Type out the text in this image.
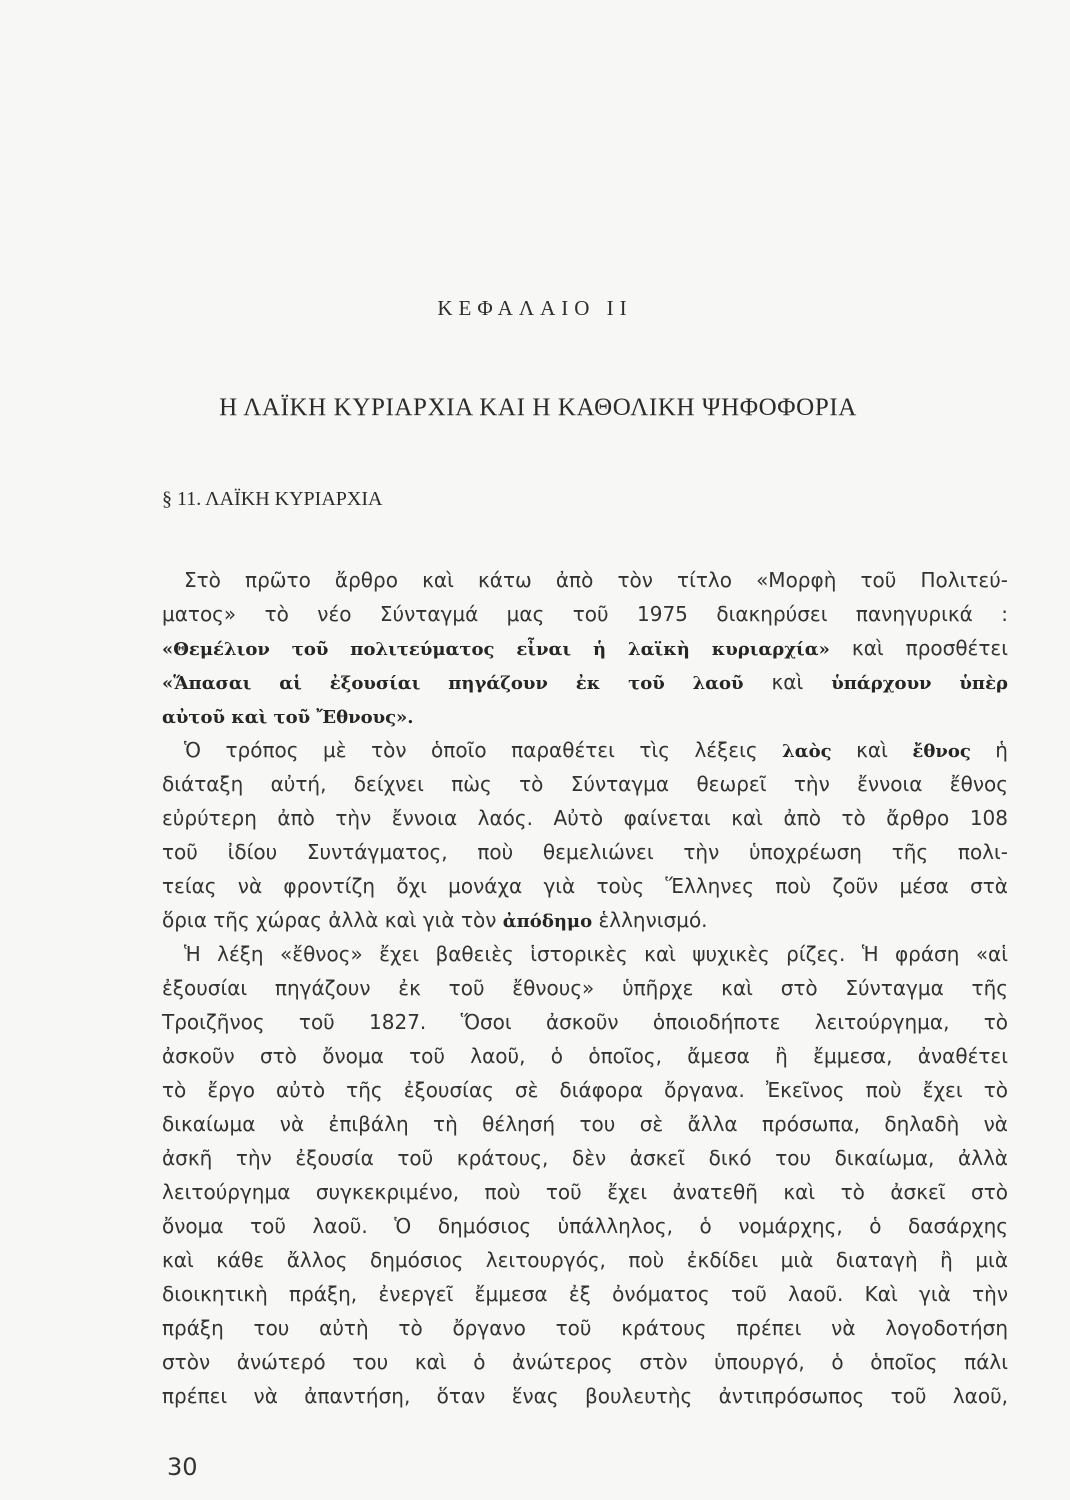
ΚΕΦΑΛΑΙΟ II
Η ΛΑΪΚΗ ΚΥΡΙΑΡΧΙΑ ΚΑΙ Η ΚΑΘΟΛΙΚΗ ΨΗΦΟΦΟΡΙΑ
§ 11. ΛΑΪΚΗ ΚΥΡΙΑΡΧΙΑ
Στὸ πρῶτο ἄρθρο καὶ κάτω ἀπὸ τὸν τίτλο «Μορφὴ τοῦ Πολιτεύ-
ματος» τὸ νέο Σύνταγμά μας τοῦ 1975 διακηρύσει πανηγυρικά :
«Θεμέλιον τοῦ πολιτεύματος εἶναι ἡ λαϊκὴ κυριαρχία» καὶ προσθέτει
«Ἅπασαι αἱ ἐξουσίαι πηγάζουν ἐκ τοῦ λαοῦ καὶ ὑπάρχουν ὑπὲρ
αὐτοῦ καὶ τοῦ Ἔθνους».
Ὁ τρόπος μὲ τὸν ὁποῖο παραθέτει τὶς λέξεις λαὸς καὶ ἔθνος ἡ
διάταξη αὐτή, δείχνει πὼς τὸ Σύνταγμα θεωρεῖ τὴν ἔννοια ἔθνος
εὐρύτερη ἀπὸ τὴν ἔννοια λαός. Αὐτὸ φαίνεται καὶ ἀπὸ τὸ ἄρθρο 108
τοῦ ἰδίου Συντάγματος, ποὺ θεμελιώνει τὴν ὑποχρέωση τῆς πολι-
τείας νὰ φροντίζη ὄχι μονάχα γιὰ τοὺς Ἕλληνες ποὺ ζοῦν μέσα στὰ
ὅρια τῆς χώρας ἀλλὰ καὶ γιὰ τὸν ἀπόδημο ἑλληνισμό.
Ἡ λέξη «ἔθνος» ἔχει βαθειὲς ἱστορικὲς καὶ ψυχικὲς ρίζες. Ἡ φράση «αἱ
ἐξουσίαι πηγάζουν ἐκ τοῦ ἔθνους» ὑπῆρχε καὶ στὸ Σύνταγμα τῆς
Τροιζῆνος τοῦ 1827. Ὅσοι ἀσκοῦν ὁποιοδήποτε λειτούργημα, τὸ
ἀσκοῦν στὸ ὄνομα τοῦ λαοῦ, ὁ ὁποῖος, ἄμεσα ἢ ἔμμεσα, ἀναθέτει
τὸ ἔργο αὐτὸ τῆς ἐξουσίας σὲ διάφορα ὄργανα. Ἐκεῖνος ποὺ ἔχει τὸ
δικαίωμα νὰ ἐπιβάλη τὴ θέλησή του σὲ ἄλλα πρόσωπα, δηλαδὴ νὰ
ἀσκῆ τὴν ἐξουσία τοῦ κράτους, δὲν ἀσκεῖ δικό του δικαίωμα, ἀλλὰ
λειτούργημα συγκεκριμένο, ποὺ τοῦ ἔχει ἀνατεθῆ καὶ τὸ ἀσκεῖ στὸ
ὄνομα τοῦ λαοῦ. Ὁ δημόσιος ὑπάλληλος, ὁ νομάρχης, ὁ δασάρχης
καὶ κάθε ἄλλος δημόσιος λειτουργός, ποὺ ἐκδίδει μιὰ διαταγὴ ἢ μιὰ
διοικητικὴ πράξη, ἐνεργεῖ ἔμμεσα ἐξ ὀνόματος τοῦ λαοῦ. Καὶ γιὰ τὴν
πράξη του αὐτὴ τὸ ὄργανο τοῦ κράτους πρέπει νὰ λογοδοτήση
στὸν ἀνώτερό του καὶ ὁ ἀνώτερος στὸν ὑπουργό, ὁ ὁποῖος πάλι
πρέπει νὰ ἀπαντήση, ὅταν ἕνας βουλευτὴς ἀντιπρόσωπος τοῦ λαοῦ,
30
